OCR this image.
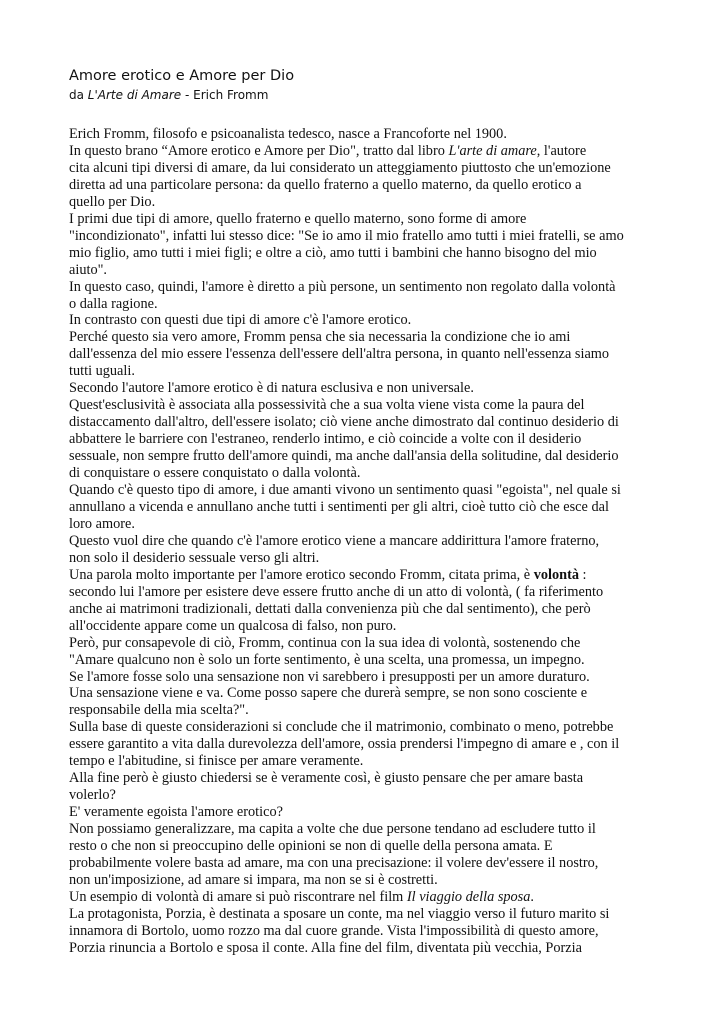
Amore erotico e Amore per Dio

da L'Arte di Amare - Erich Fromm

Erich Fromm, filosofo e psicoanalista tedesco, nasce a Francoforte nel 1900.

In questo brano “Amore erotico e Amore per Dio", tratto dal libro L'arte di amare, l'autore

cita alcuni tipi diversi di amare, da lui considerato un atteggiamento piuttosto che un'emozione

diretta ad una particolare persona: da quello fraterno a quello materno, da quello erotico a

quello per Dio.

I primi due tipi di amore, quello fraterno e quello materno, sono forme di amore

"incondizionato", infatti lui stesso dice: "Se io amo il mio fratello amo tutti i miei fratelli, se amo

mio figlio, amo tutti i miei figli; e oltre a ciò, amo tutti i bambini che hanno bisogno del mio

aiuto".

In questo caso, quindi, l'amore è diretto a più persone, un sentimento non regolato dalla volontà

o dalla ragione.

In contrasto con questi due tipi di amore c'è l'amore erotico.

Perché questo sia vero amore, Fromm pensa che sia necessaria la condizione che io ami

dall'essenza del mio essere l'essenza dell'essere dell'altra persona, in quanto nell'essenza siamo

tutti uguali.

Secondo l'autore l'amore erotico è di natura esclusiva e non universale.

Quest'esclusività è associata alla possessività che a sua volta viene vista come la paura del

distaccamento dall'altro, dell'essere isolato; ciò viene anche dimostrato dal continuo desiderio di

abbattere le barriere con l'estraneo, renderlo intimo, e ciò coincide a volte con il desiderio

sessuale, non sempre frutto dell'amore quindi, ma anche dall'ansia della solitudine, dal desiderio

di conquistare o essere conquistato o dalla volontà.

Quando c'è questo tipo di amore, i due amanti vivono un sentimento quasi "egoista", nel quale si

annullano a vicenda e annullano anche tutti i sentimenti per gli altri, cioè tutto ciò che esce dal

loro amore.

Questo vuol dire che quando c'è l'amore erotico viene a mancare addirittura l'amore fraterno,

non solo il desiderio sessuale verso gli altri.

Una parola molto importante per l'amore erotico secondo Fromm, citata prima, è volontà :

secondo lui l'amore per esistere deve essere frutto anche di un atto di volontà, ( fa riferimento

anche ai matrimoni tradizionali, dettati dalla convenienza più che dal sentimento), che però

all'occidente appare come un qualcosa di falso, non puro.

Però, pur consapevole di ciò, Fromm, continua con la sua idea di volontà, sostenendo che

"Amare qualcuno non è solo un forte sentimento, è una scelta, una promessa, un impegno.

Se l'amore fosse solo una sensazione non vi sarebbero i presupposti per un amore duraturo.

Una sensazione viene e va. Come posso sapere che durerà sempre, se non sono cosciente e

responsabile della mia scelta?".

Sulla base di queste considerazioni si conclude che il matrimonio, combinato o meno, potrebbe

essere garantito a vita dalla durevolezza dell'amore, ossia prendersi l'impegno di amare e , con il

tempo e l'abitudine, si finisce per amare veramente.

Alla fine però è giusto chiedersi se è veramente così, è giusto pensare che per amare basta

volerlo?

E' veramente egoista l'amore erotico?

Non possiamo generalizzare, ma capita a volte che due persone tendano ad escludere tutto il

resto o che non si preoccupino delle opinioni se non di quelle della persona amata. E

probabilmente volere basta ad amare, ma con una precisazione: il volere dev'essere il nostro,

non un'imposizione, ad amare si impara, ma non se si è costretti.

Un esempio di volontà di amare si può riscontrare nel film Il viaggio della sposa.

La protagonista, Porzia, è destinata a sposare un conte, ma nel viaggio verso il futuro marito si

innamora di Bortolo, uomo rozzo ma dal cuore grande. Vista l'impossibilità di questo amore,

Porzia rinuncia a Bortolo e sposa il conte. Alla fine del film, diventata più vecchia, Porzia
